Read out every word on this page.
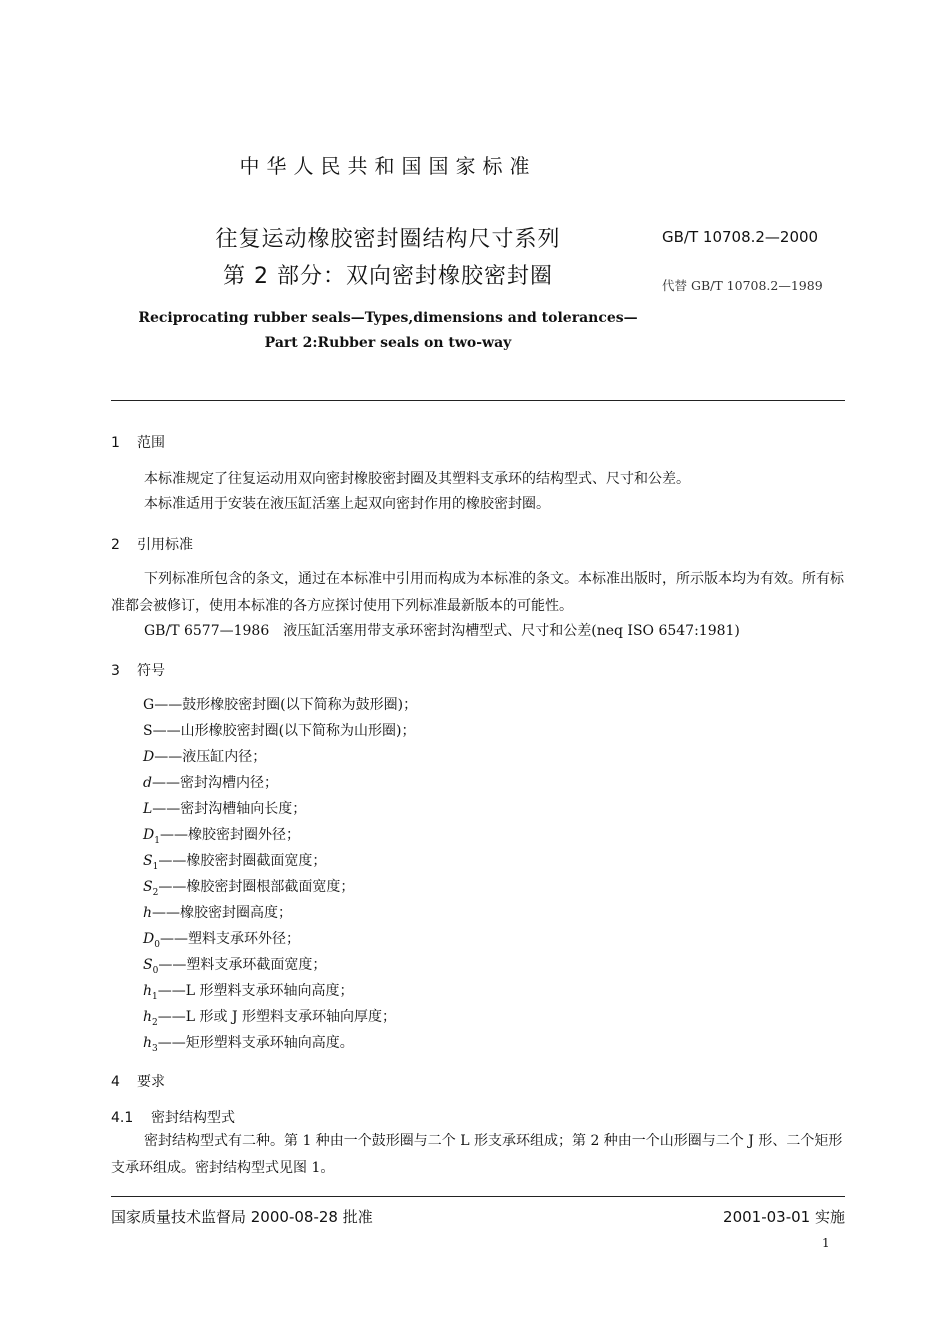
中华人民共和国国家标准
往复运动橡胶密封圈结构尺寸系列
第 2 部分：双向密封橡胶密封圈
GB/T 10708.2—2000
代替 GB/T 10708.2—1989
Reciprocating rubber seals—Types,dimensions and tolerances—
Part 2:Rubber seals on two-way
1 范围
本标准规定了往复运动用双向密封橡胶密封圈及其塑料支承环的结构型式、尺寸和公差。
本标准适用于安装在液压缸活塞上起双向密封作用的橡胶密封圈。
2 引用标准
下列标准所包含的条文，通过在本标准中引用而构成为本标准的条文。本标准出版时，所示版本均为有效。所有标准都会被修订，使用本标准的各方应探讨使用下列标准最新版本的可能性。
GB/T 6577—1986　液压缸活塞用带支承环密封沟槽型式、尺寸和公差(neq ISO 6547:1981)
3 符号
G——鼓形橡胶密封圈(以下简称为鼓形圈)；
S——山形橡胶密封圈(以下简称为山形圈)；
D——液压缸内径；
d——密封沟槽内径；
L——密封沟槽轴向长度；
$D_1——$橡胶密封圈外径；
$S_1——$橡胶密封圈截面宽度；
$S_2——$橡胶密封圈根部截面宽度；
h——橡胶密封圈高度；
$D_0——$塑料支承环外径；
$S_0——$塑料支承环截面宽度；
$h_1——L$ 形塑料支承环轴向高度；
$h_2——L$ 形或 J 形塑料支承环轴向厚度；
$h_3——$矩形塑料支承环轴向高度。
4 要求
4.1 密封结构型式
密封结构型式有二种。第 1 种由一个鼓形圈与二个 L 形支承环组成；第 2 种由一个山形圈与二个 J 形、二个矩形支承环组成。密封结构型式见图 1。
国家质量技术监督局 2000-08-28 批准	2001-03-01 实施
1
